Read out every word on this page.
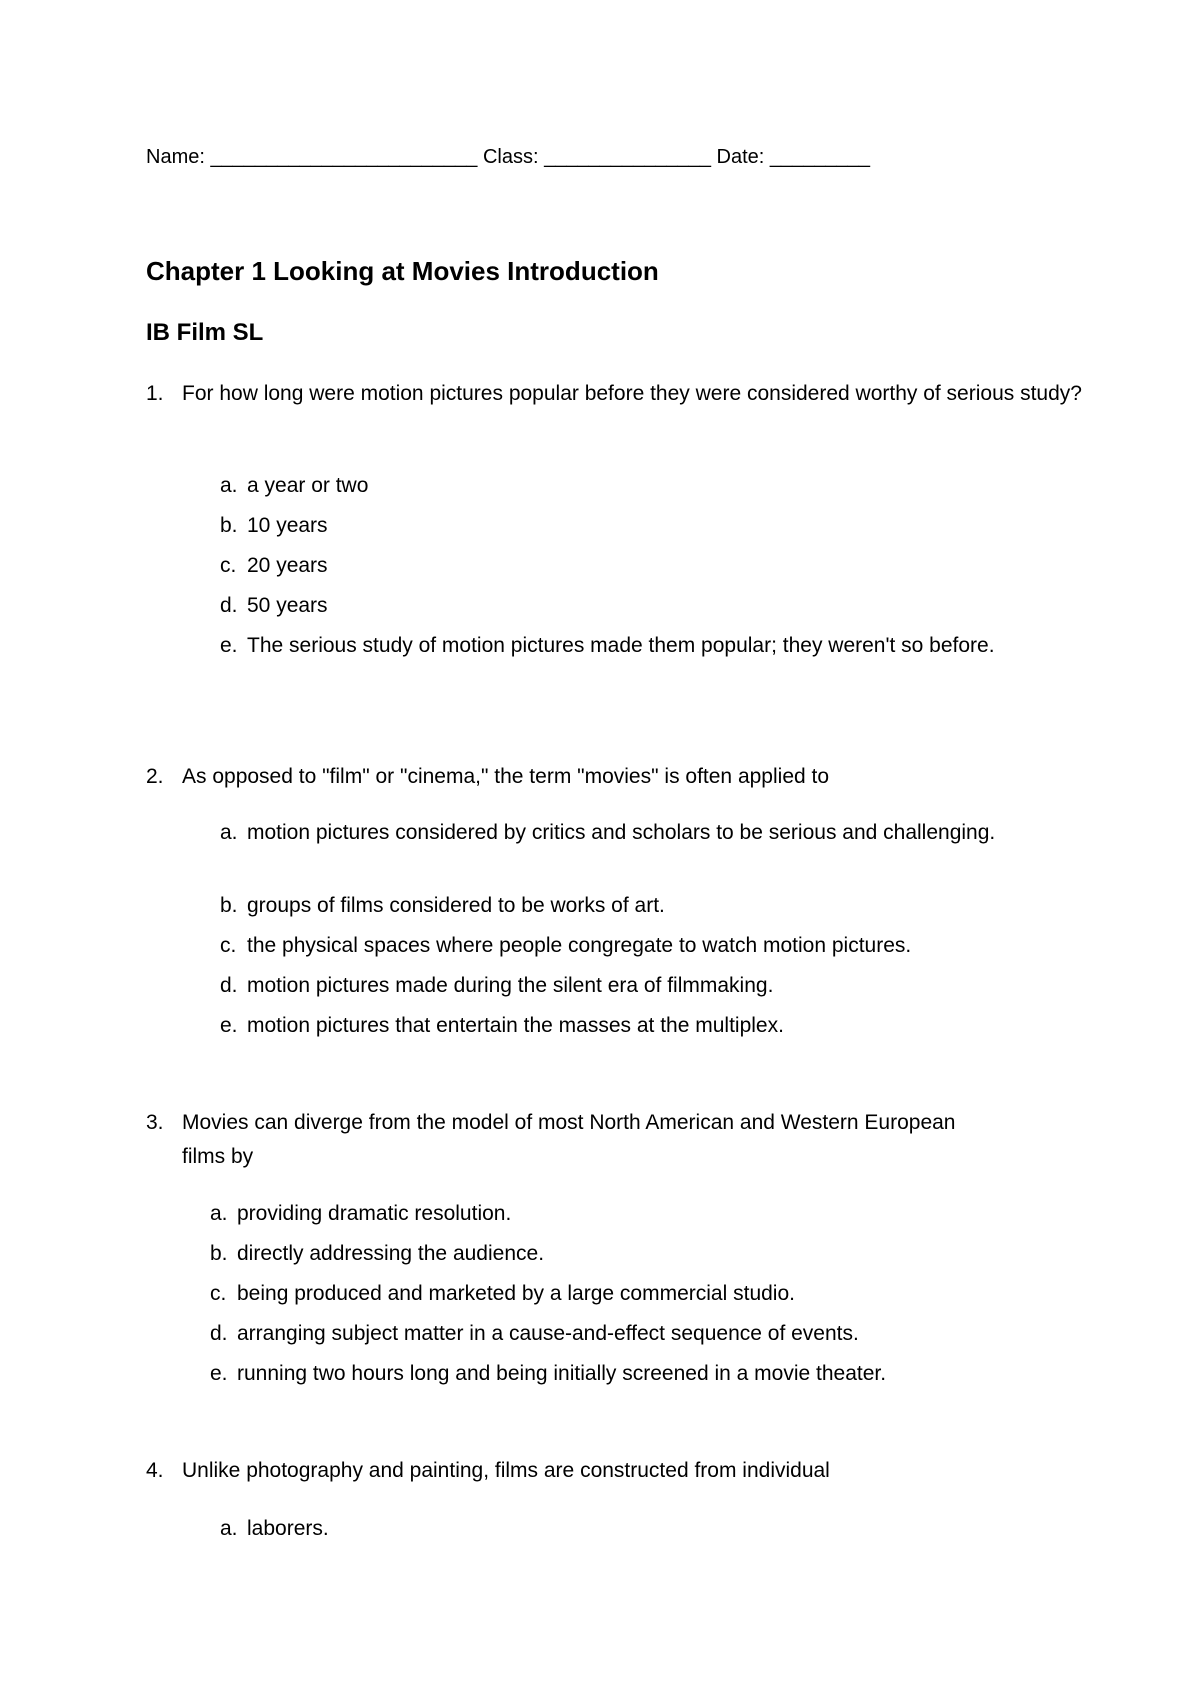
Name: ________________________ Class: _______________ Date: _________
Chapter 1 Looking at Movies Introduction
IB Film SL
1. For how long were motion pictures popular before they were considered worthy of serious study?
a. a year or two
b. 10 years
c. 20 years
d. 50 years
e. The serious study of motion pictures made them popular; they weren't so before.
2. As opposed to "film" or "cinema," the term "movies" is often applied to
a. motion pictures considered by critics and scholars to be serious and challenging.
b. groups of films considered to be works of art.
c. the physical spaces where people congregate to watch motion pictures.
d. motion pictures made during the silent era of filmmaking.
e. motion pictures that entertain the masses at the multiplex.
3. Movies can diverge from the model of most North American and Western European films by
a. providing dramatic resolution.
b. directly addressing the audience.
c. being produced and marketed by a large commercial studio.
d. arranging subject matter in a cause-and-effect sequence of events.
e. running two hours long and being initially screened in a movie theater.
4. Unlike photography and painting, films are constructed from individual
a. laborers.
